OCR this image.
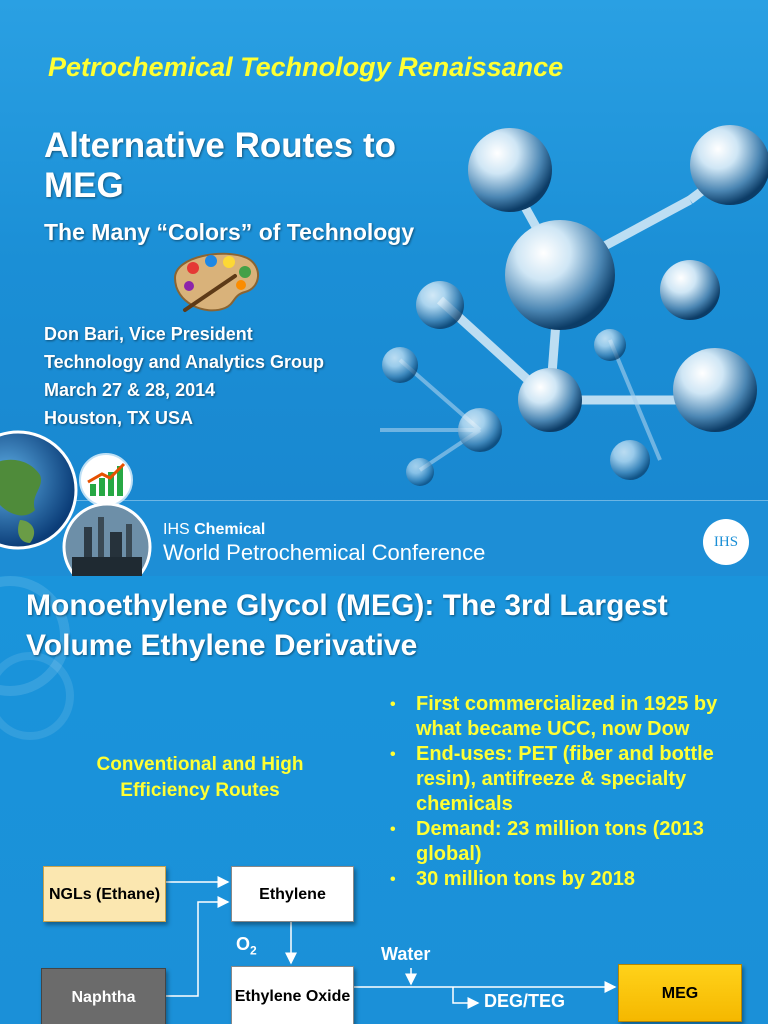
Petrochemical Technology Renaissance
Alternative Routes to MEG
The Many “Colors” of Technology
Don Bari, Vice President
Technology and Analytics Group
March 27 & 28, 2014
Houston, TX USA
IHS Chemical
World Petrochemical Conference	IHS
Monoethylene Glycol (MEG): The 3rd Largest Volume Ethylene Derivative
• First commercialized in 1925 by what became UCC, now Dow
• End-uses: PET (fiber and bottle resin), antifreeze & specialty chemicals
• Demand: 23 million tons (2013 global)
• 30 million tons by 2018
Conventional and High Efficiency Routes
NGLs (Ethane)	Ethylene
Naphtha	Ethylene Oxide	MEG
$O_2$	Water
DEG/TEG
